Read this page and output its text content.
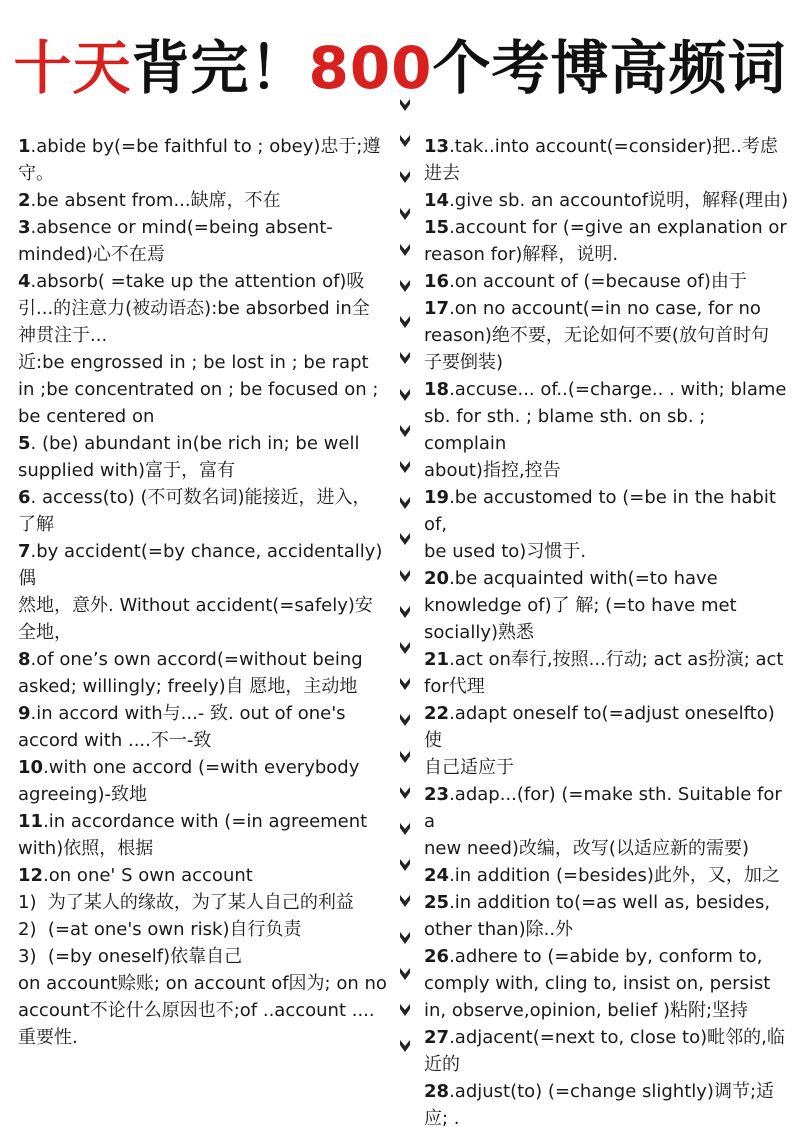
十天背完！800个考博高频词
1.abide by(=be faithful to ; obey)忠于;遵
守。
2.be absent from...缺席，不在
3.absence or mind(=being absent-
minded)心不在焉
4.absorb( =take up the attention of)吸
引...的注意力(被动语态):be absorbed in全
神贯注于...
近:be engrossed in ; be lost in ; be rapt
in ;be concentrated on ; be focused on ;
be centered on
5. (be) abundant in(be rich in; be well
supplied with)富于，富有
6. access(to) (不可数名词)能接近，进入，
了解
7.by accident(=by chance, accidentally)偶
然地，意外. Without accident(=safely)安
全地，
8.of one’s own accord(=without being
asked; willingly; freely)自 愿地，主动地
9.in accord with与...- 致. out of one's
accord with ....不一-致
10.with one accord (=with everybody
agreeing)-致地
11.in accordance with (=in agreement
with)依照，根据
12.on one' S own account
1)  为了某人的缘故，为了某人自己的利益
2)  (=at one's own risk)自行负责
3)  (=by oneself)依靠自己
on account赊账; on account of因为; on no
account不论什么原因也不;of ..account ....
重要性.
13.tak..into account(=consider)把..考虑
进去
14.give sb. an accountof说明，解释(理由)
15.account for (=give an explanation or
reason for)解释，说明.
16.on account of (=because of)由于
17.on no account(=in no case, for no
reason)绝不要，无论如何不要(放句首时句
子要倒装)
18.accuse... of..(=charge.. . with; blame
sb. for sth. ; blame sth. on sb. ; complain
about)指控,控告
19.be accustomed to (=be in the habit of,
be used to)习惯于.
20.be acquainted with(=to have
knowledge of)了 解; (=to have met
socially)熟悉
21.act on奉行,按照...行动; act as扮演; act
for代理
22.adapt oneself to(=adjust oneselfto)使
自己适应于
23.adap...(for) (=make sth. Suitable for a
new need)改编，改写(以适应新的需要)
24.in addition (=besides)此外，又，加之
25.in addition to(=as well as, besides,
other than)除..外
26.adhere to (=abide by, conform to,
comply with, cling to, insist on, persist
in, observe,opinion, belief )粘附;坚持
27.adjacent(=next to, close to)毗邻的,临
近的
28.adjust(to) (=change slightly)调节;适
应; .
